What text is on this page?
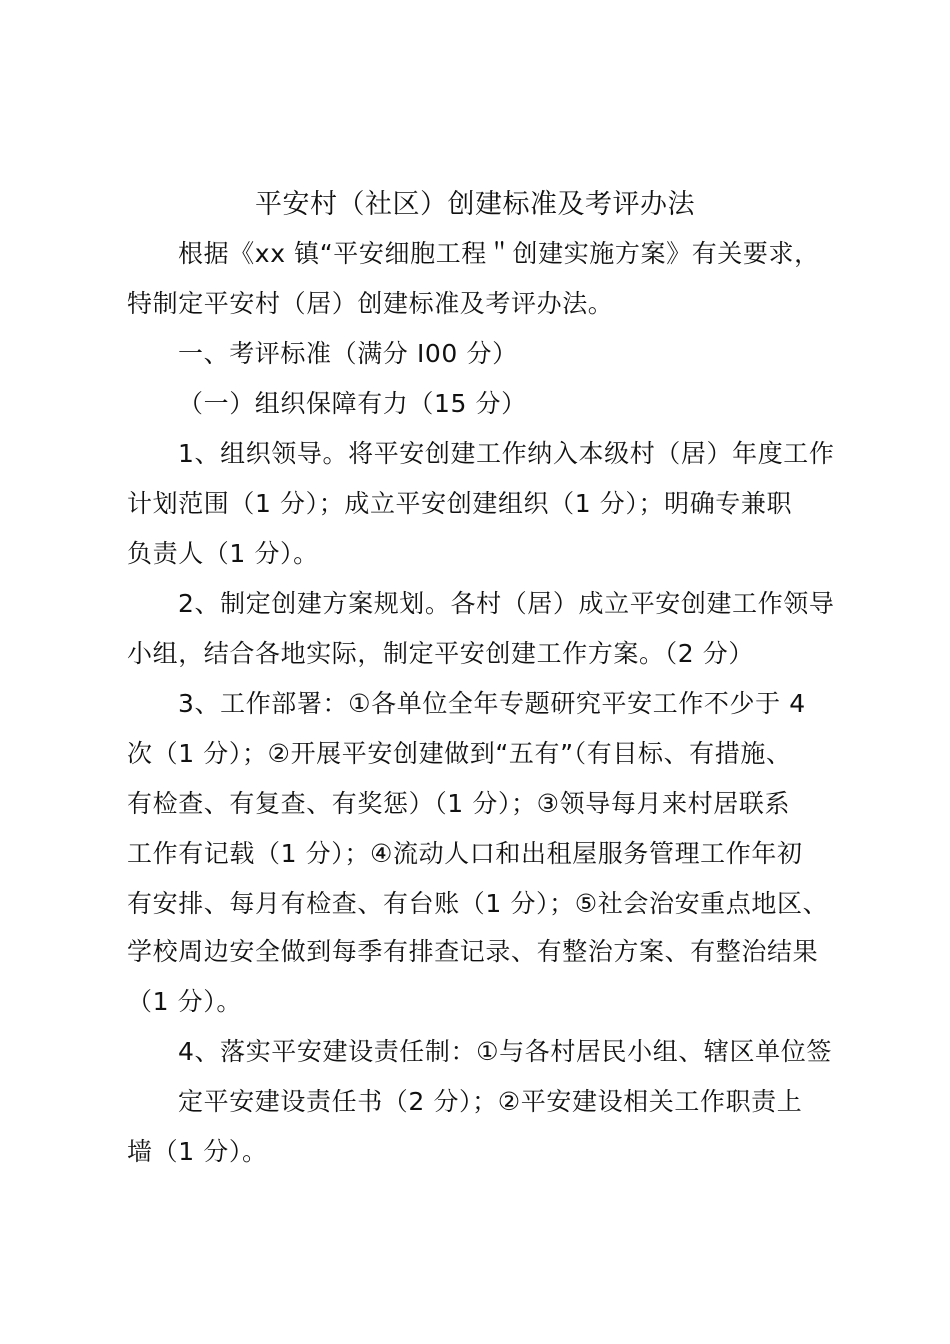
平安村（社区）创建标准及考评办法
根据《xx 镇“平安细胞工程＂创建实施方案》有关要求，
特制定平安村（居）创建标准及考评办法。
一、考评标准（满分 I00 分）
（一）组织保障有力（15 分）
1、组织领导。将平安创建工作纳入本级村（居）年度工作
计划范围（1 分）；成立平安创建组织（1 分）；明确专兼职
负责人（1 分）。
2、制定创建方案规划。各村（居）成立平安创建工作领导
小组，结合各地实际，制定平安创建工作方案。（2 分）
3、工作部署：①各单位全年专题研究平安工作不少于 4
次（1 分）；②开展平安创建做到“五有”（有目标、有措施、
有检查、有复查、有奖惩）（1 分）；③领导每月来村居联系
工作有记载（1 分）；④流动人口和出租屋服务管理工作年初
有安排、每月有检查、有台账（1 分）；⑤社会治安重点地区、
学校周边安全做到每季有排查记录、有整治方案、有整治结果
（1 分）。
4、落实平安建设责任制：①与各村居民小组、辖区单位签
定平安建设责任书（2 分）；②平安建设相关工作职责上
墙（1 分）。
